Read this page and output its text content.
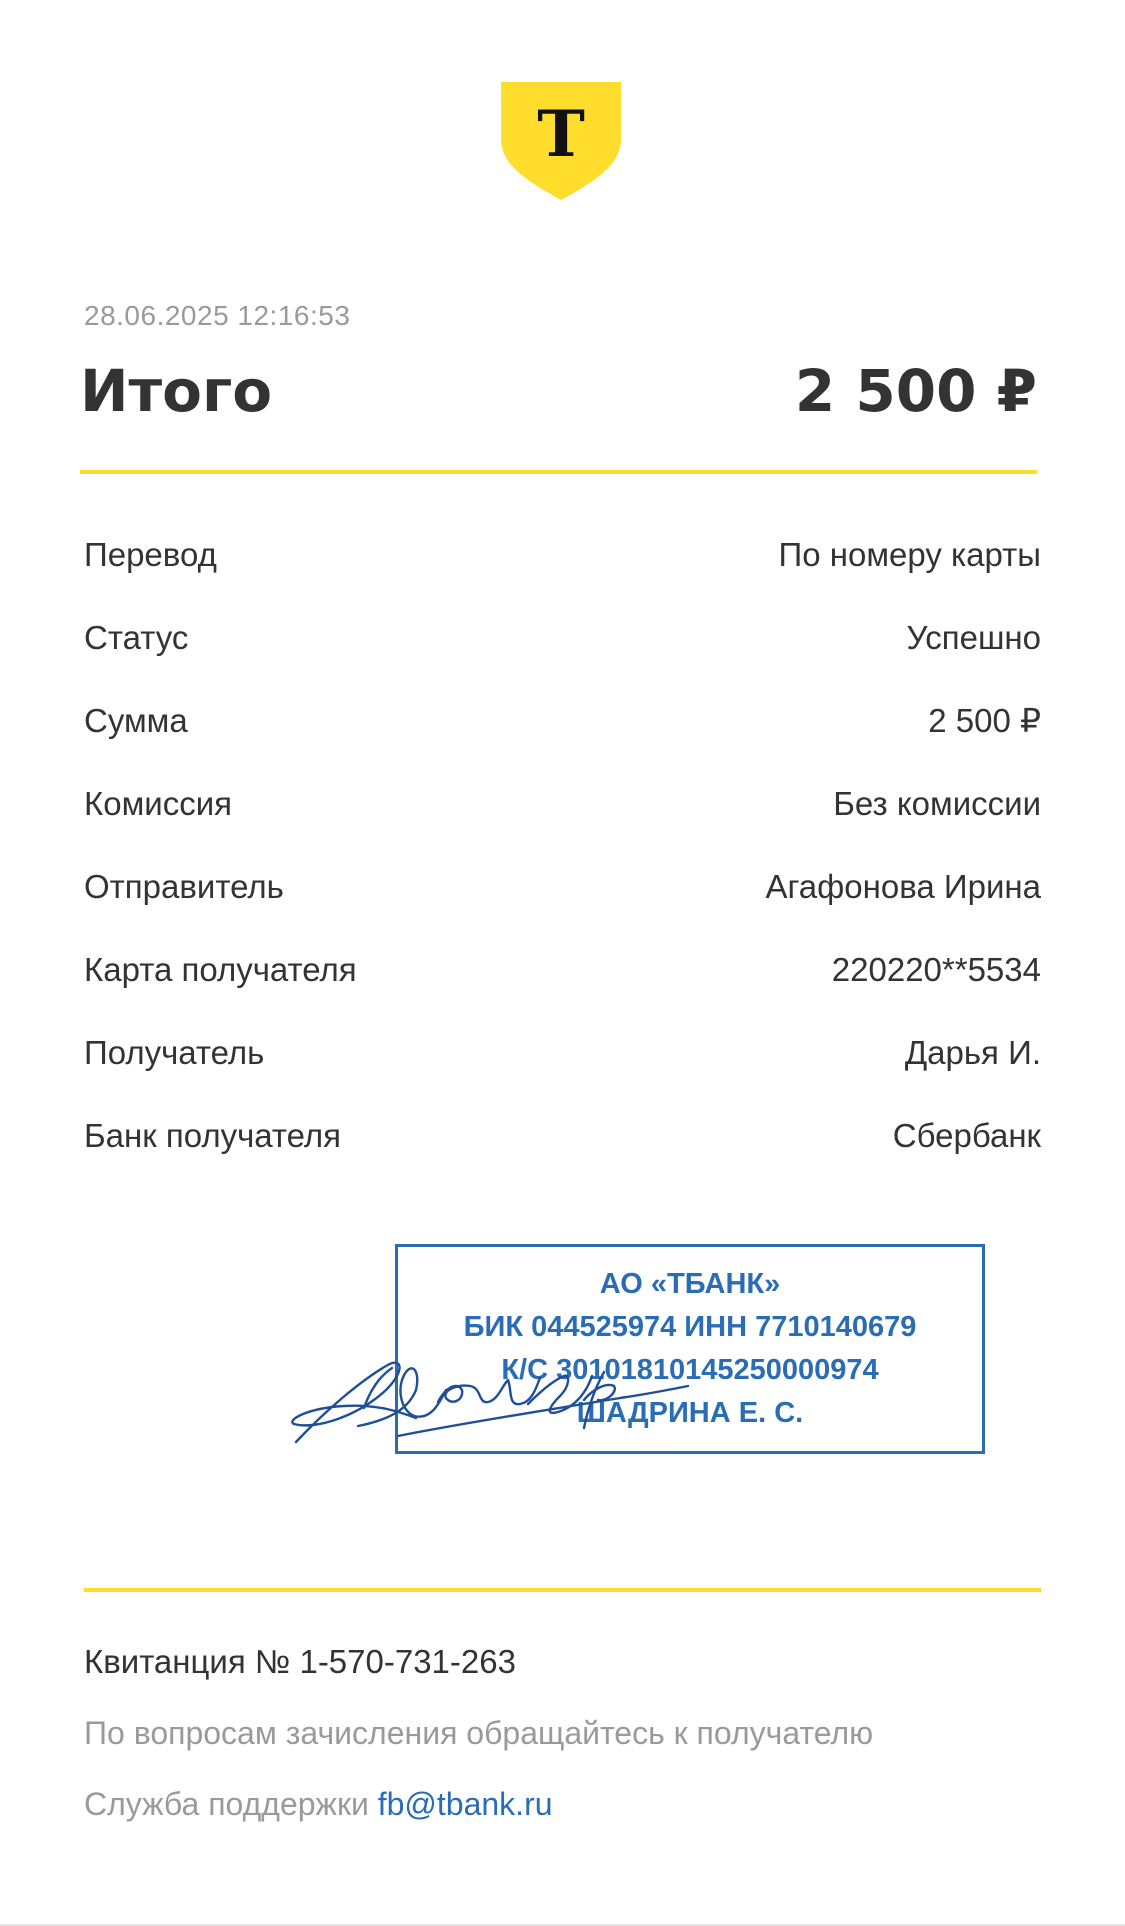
Т
28.06.2025 12:16:53
Итого	2 500 ₽
Перевод	По номеру карты
Статус	Успешно
Сумма	2 500 ₽
Комиссия	Без комиссии
Отправитель	Агафонова Ирина
Карта получателя	220220**5534
Получатель	Дарья И.
Банк получателя	Сбербанк
АО «ТБАНК»
БИК 044525974 ИНН 7710140679
К/С 30101810145250000974
ШАДРИНА Е. С.
Квитанция № 1-570-731-263
По вопросам зачисления обращайтесь к получателю
Служба поддержки fb@tbank.ru
